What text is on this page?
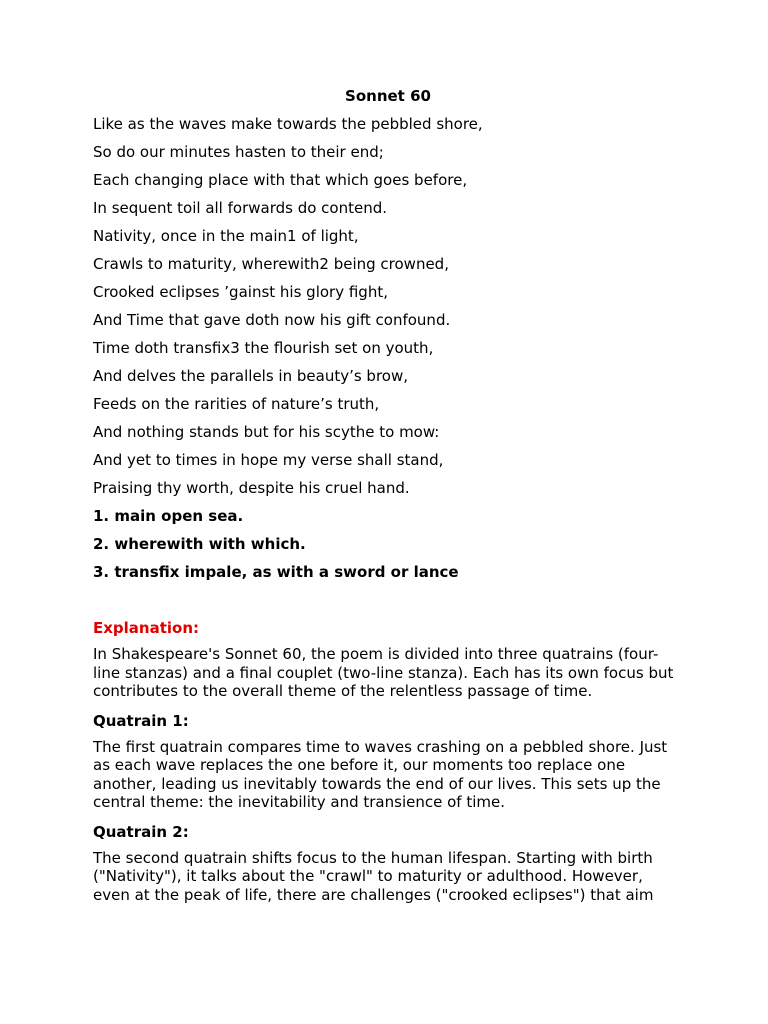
Sonnet 60
Like as the waves make towards the pebbled shore,
So do our minutes hasten to their end;
Each changing place with that which goes before,
In sequent toil all forwards do contend.
Nativity, once in the main1 of light,
Crawls to maturity, wherewith2 being crowned,
Crooked eclipses ’gainst his glory fight,
And Time that gave doth now his gift confound.
Time doth transfix3 the flourish set on youth,
And delves the parallels in beauty’s brow,
Feeds on the rarities of nature’s truth,
And nothing stands but for his scythe to mow:
And yet to times in hope my verse shall stand,
Praising thy worth, despite his cruel hand.
1. main open sea.
2. wherewith with which.
3. transfix impale, as with a sword or lance
Explanation:

In Shakespeare's Sonnet 60, the poem is divided into three quatrains (four-line stanzas) and a final couplet (two-line stanza). Each has its own focus but contributes to the overall theme of the relentless passage of time.

Quatrain 1:

The first quatrain compares time to waves crashing on a pebbled shore. Just as each wave replaces the one before it, our moments too replace one another, leading us inevitably towards the end of our lives. This sets up the central theme: the inevitability and transience of time.

Quatrain 2:

The second quatrain shifts focus to the human lifespan. Starting with birth ("Nativity"), it talks about the "crawl" to maturity or adulthood. However, even at the peak of life, there are challenges ("crooked eclipses") that aim
